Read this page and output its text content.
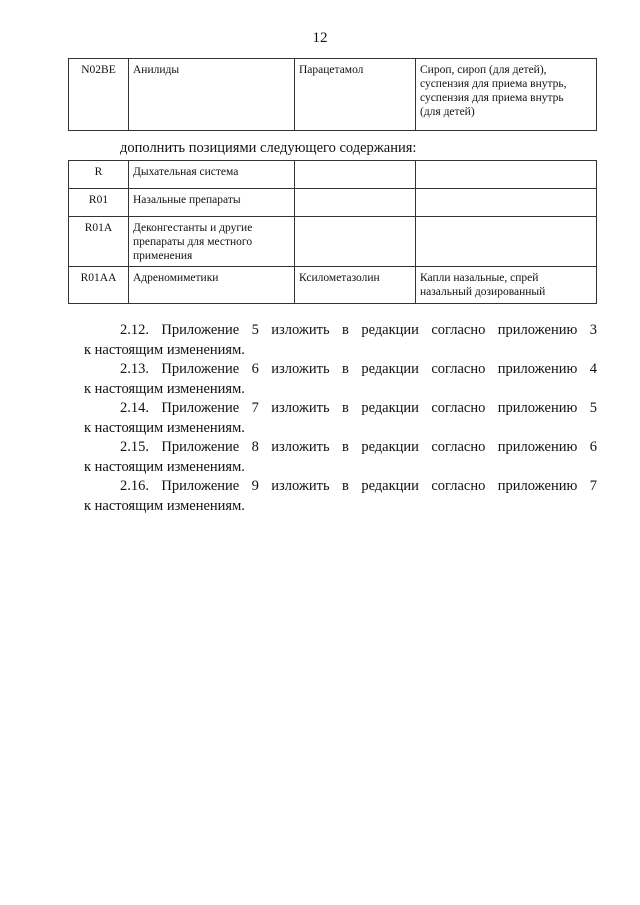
12
N02BE	Анилиды	Парацетамол	Сироп, сироп (для детей),
суспензия для приема внутрь,
суспензия для приема внутрь
(для детей)
дополнить позициями следующего содержания:
R	Дыхательная система		

R01	Назальные препараты		

R01A	Деконгестанты и другие
препараты для местного
применения		

R01AA	Адреномиметики	Ксилометазолин	Капли назальные, спрей
назальный дозированный
2.12. Приложение 5 изложить в редакции согласно приложению 3
к настоящим изменениям.
2.13. Приложение 6 изложить в редакции согласно приложению 4
к настоящим изменениям.
2.14. Приложение 7 изложить в редакции согласно приложению 5
к настоящим изменениям.
2.15. Приложение 8 изложить в редакции согласно приложению 6
к настоящим изменениям.
2.16. Приложение 9 изложить в редакции согласно приложению 7
к настоящим изменениям.
